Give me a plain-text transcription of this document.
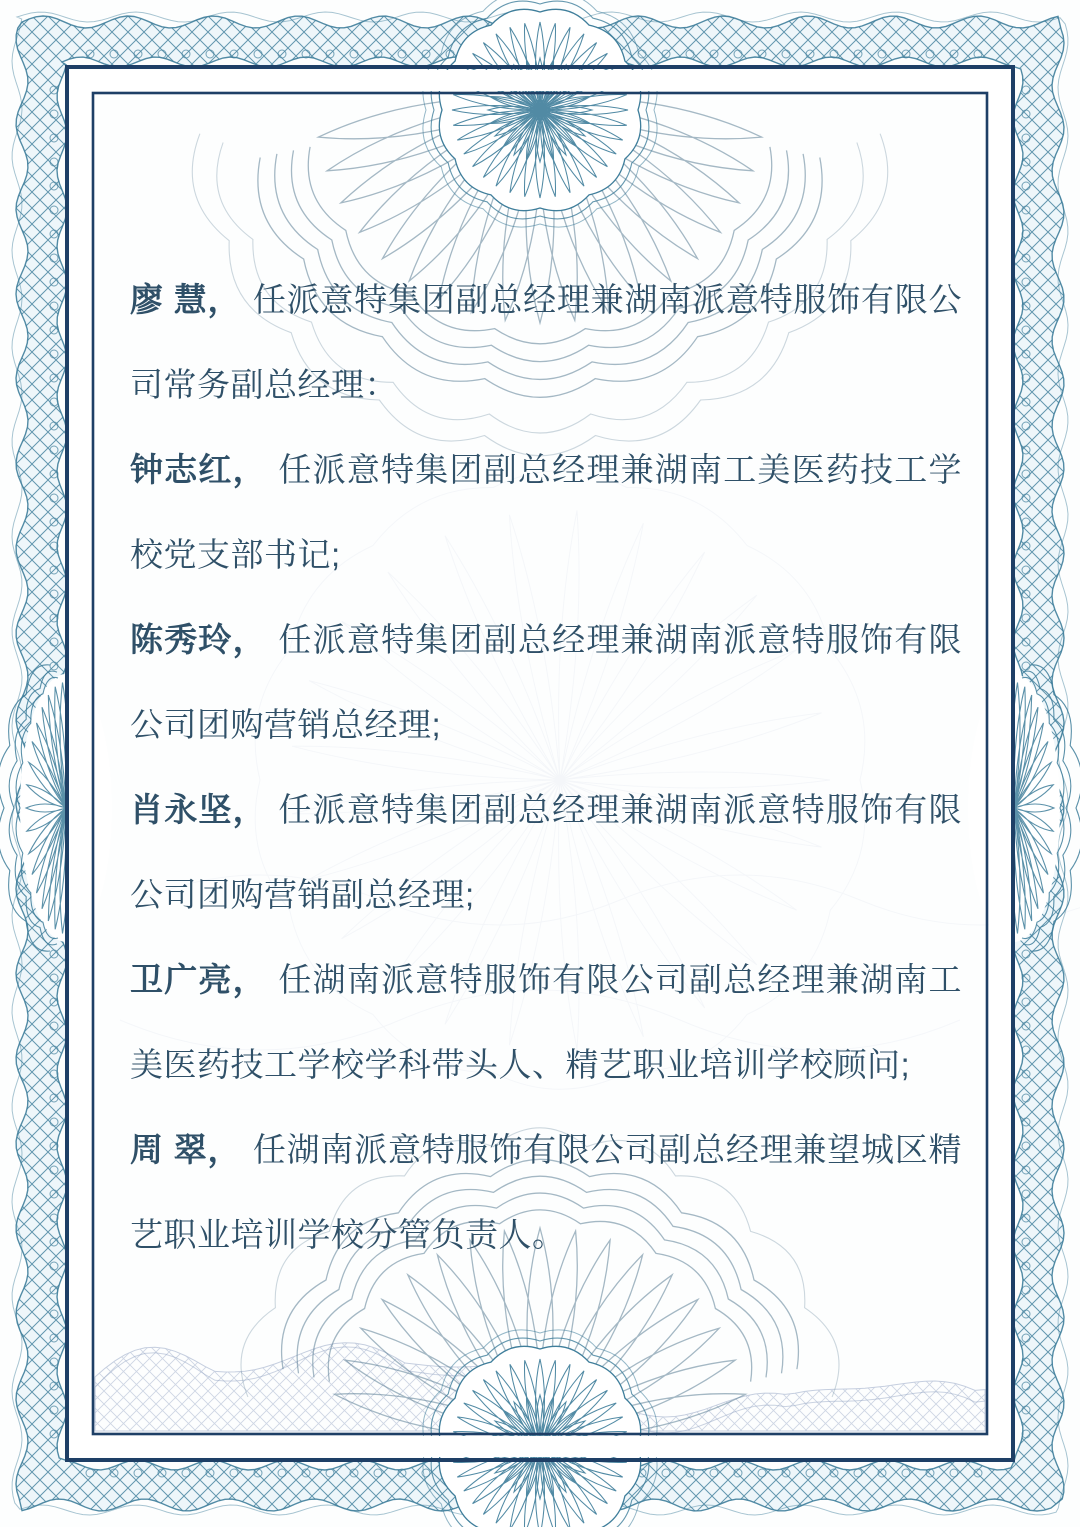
廖 慧， 任派意特集团副总经理兼湖南派意特服饰有限公司常务副总经理：

钟志红， 任派意特集团副总经理兼湖南工美医药技工学校党支部书记;

陈秀玲， 任派意特集团副总经理兼湖南派意特服饰有限公司团购营销总经理;

肖永坚， 任派意特集团副总经理兼湖南派意特服饰有限公司团购营销副总经理;

卫广亮， 任湖南派意特服饰有限公司副总经理兼湖南工美医药技工学校学科带头人、精艺职业培训学校顾问;

周 翠， 任湖南派意特服饰有限公司副总经理兼望城区精艺职业培训学校分管负责人。
